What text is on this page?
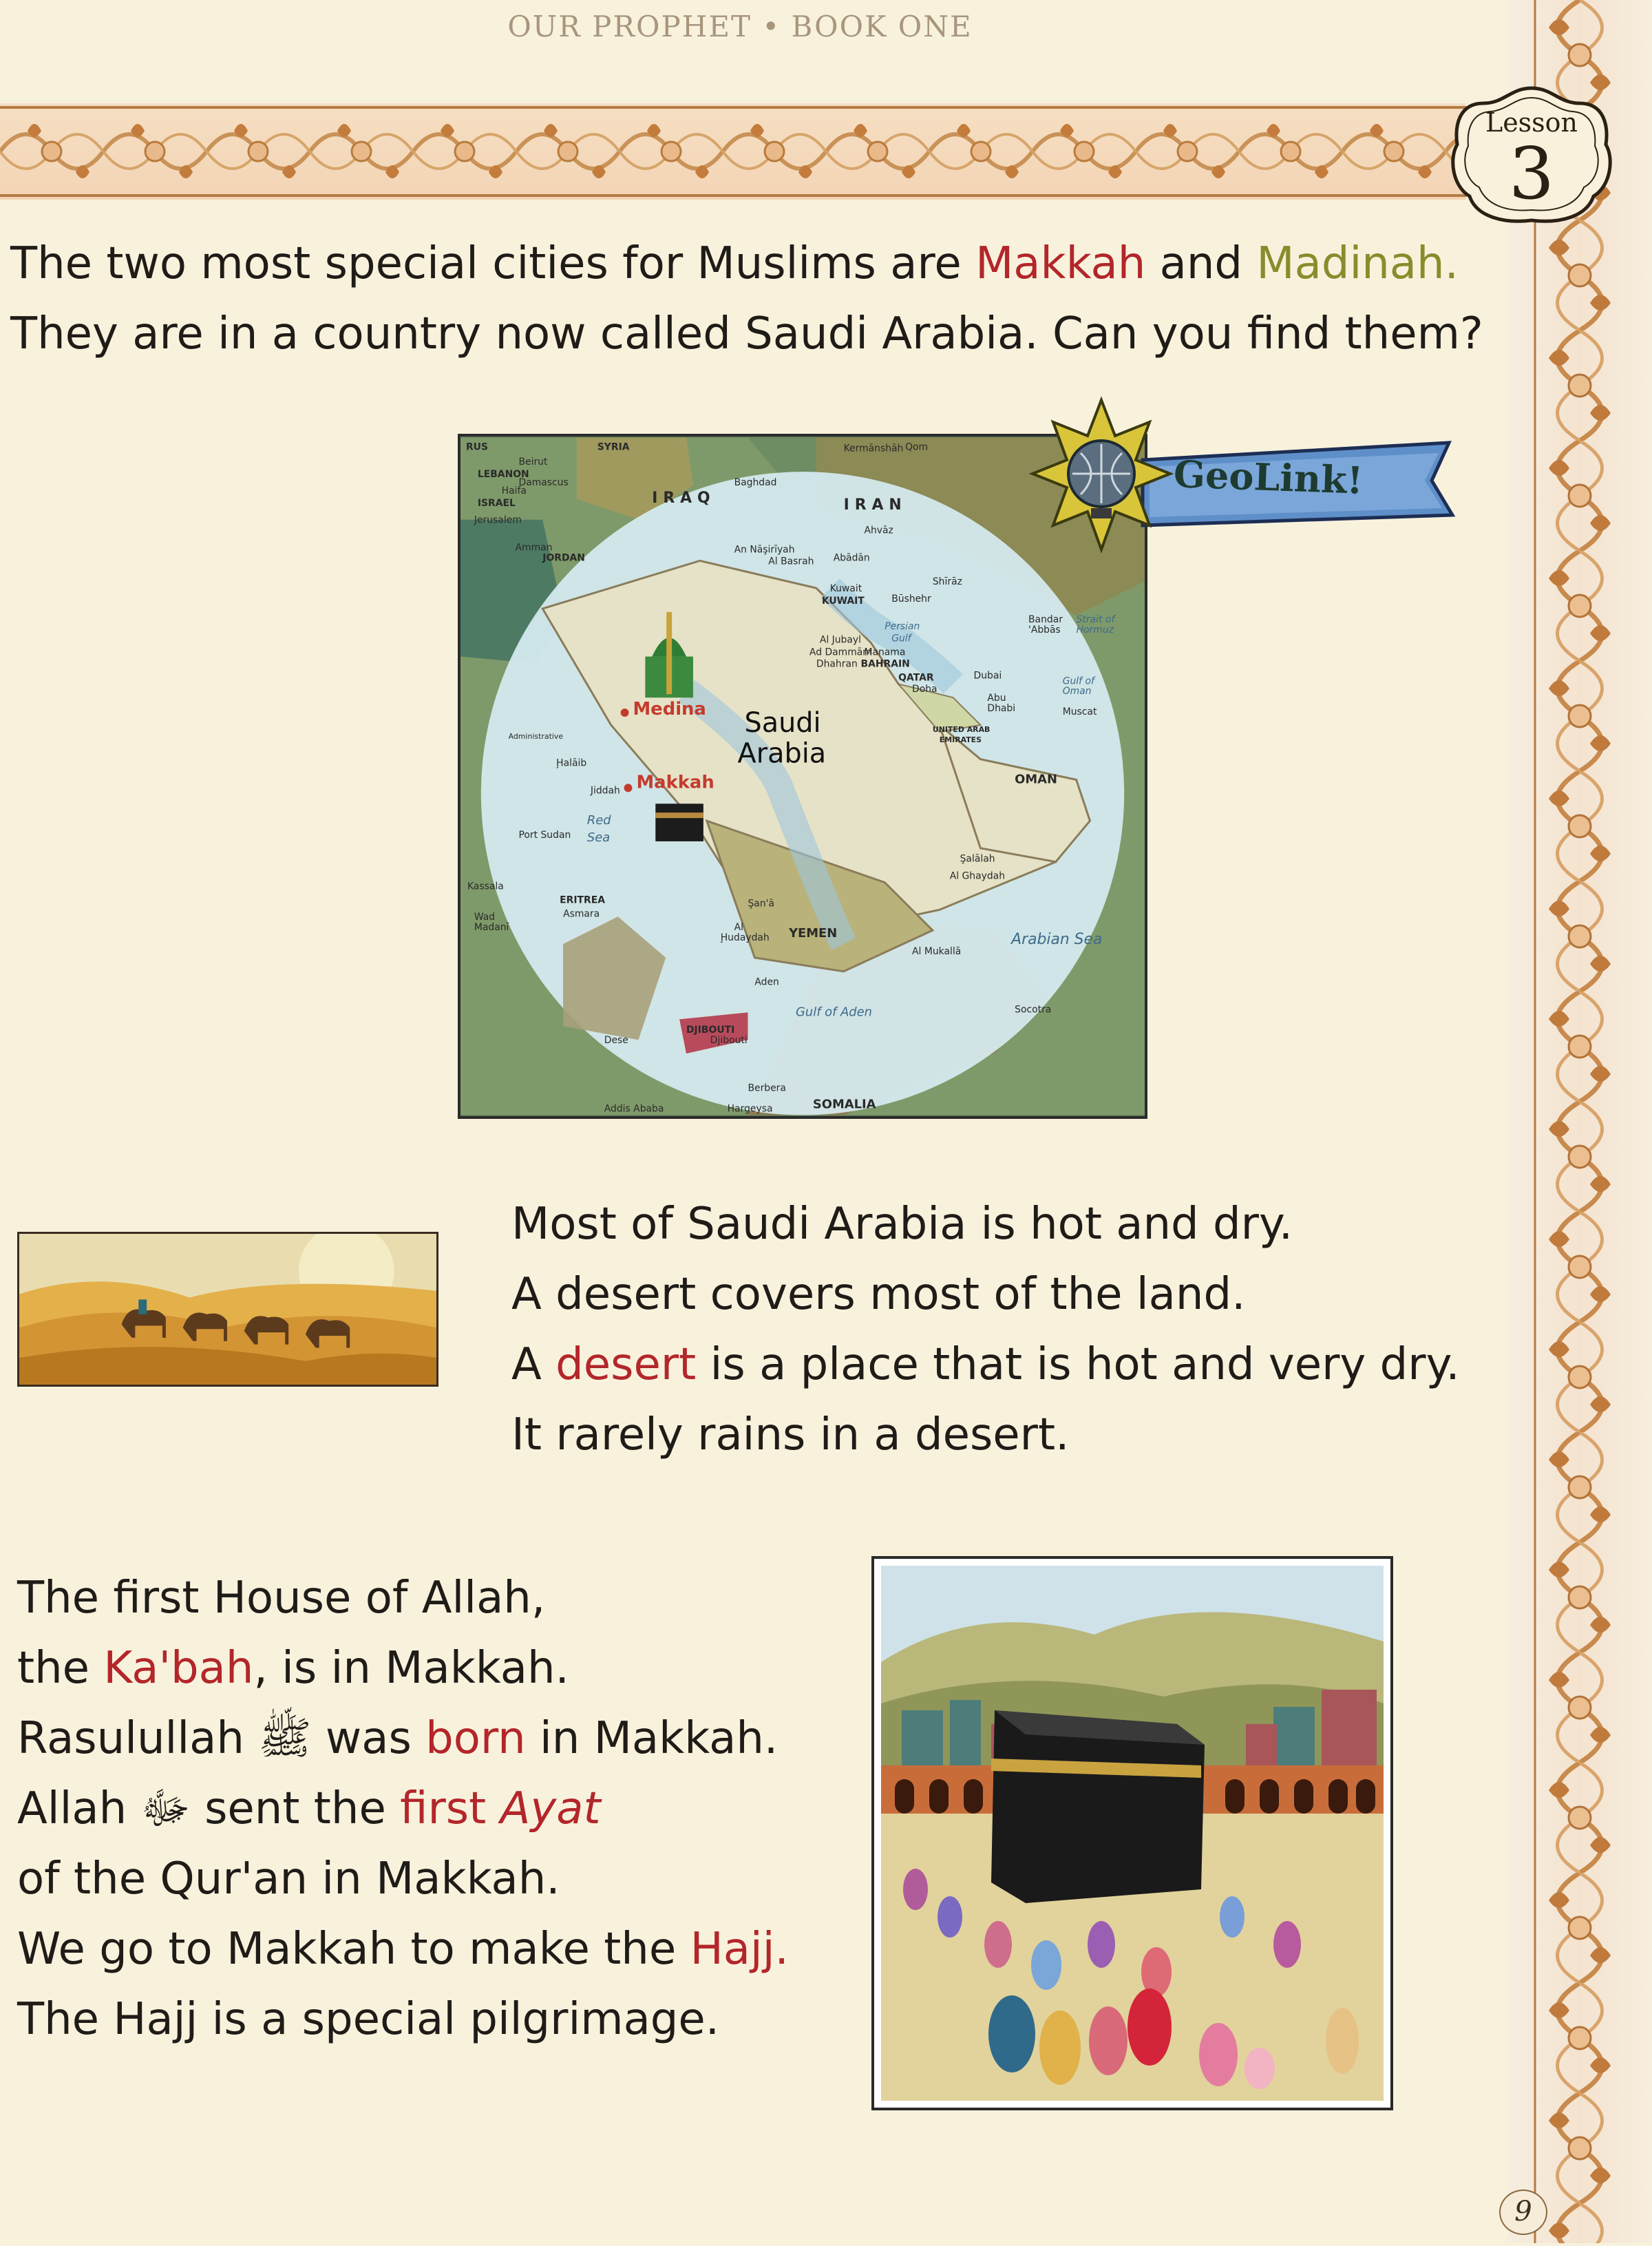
OUR PROPHET • BOOK ONE
Lesson
3

The two most special cities for Muslims are Makkah and Madinah.
They are in a country now called Saudi Arabia. Can you find them?

RUS	SYRIA
LEBANON
Beirut
Damascus
ISRAEL
Haifa
Jerusalem
JORDAN
Amman
IRAQ
Baghdad
Kermānshāh Qom
IRAN
Ahvāz
An Nāşirīyah
Al Basrah Abādān
Kuwait
KUWAIT	Būshehr
Shīrāz
Persian
Gulf
Bandar
'Abbās
Strait of
Hormuz
Al Jubayl
Ad Dammām
Dhahran
Manama
BAHRAIN
QATAR
Doha
Dubai
Abu
Dhabi
Gulf of
Oman
Muscat
UNITED ARAB
EMIRATES
OMAN
Ḩalāib
Jiddah
Red
Sea
Port Sudan
ERITREA
Asmara
Şan'ā
YEMEN
Al Ghaydah
Şalālah
Al Mukallā
Al
Ḩudaydah
Aden
Gulf of Aden
Arabian Sea
Socotra
DJIBOUTI
Djibouti
SOMALIA
Addis Ababa	Hargeysa
Berbera
Dese
Wad
Madanī
Kassala
Administrative
Medina
Makkah
Saudi
Arabia
GeoLink!

Most of Saudi Arabia is hot and dry.
A desert covers most of the land.
A desert is a place that is hot and very dry.
It rarely rains in a desert.

The first House of Allah,
the Ka'bah, is in Makkah.
Rasulullah ﷺ was born in Makkah.
Allah ﷻ sent the first Ayat
of the Qur'an in Makkah.

We go to Makkah to make the Hajj.
The Hajj is a special pilgrimage.

9
